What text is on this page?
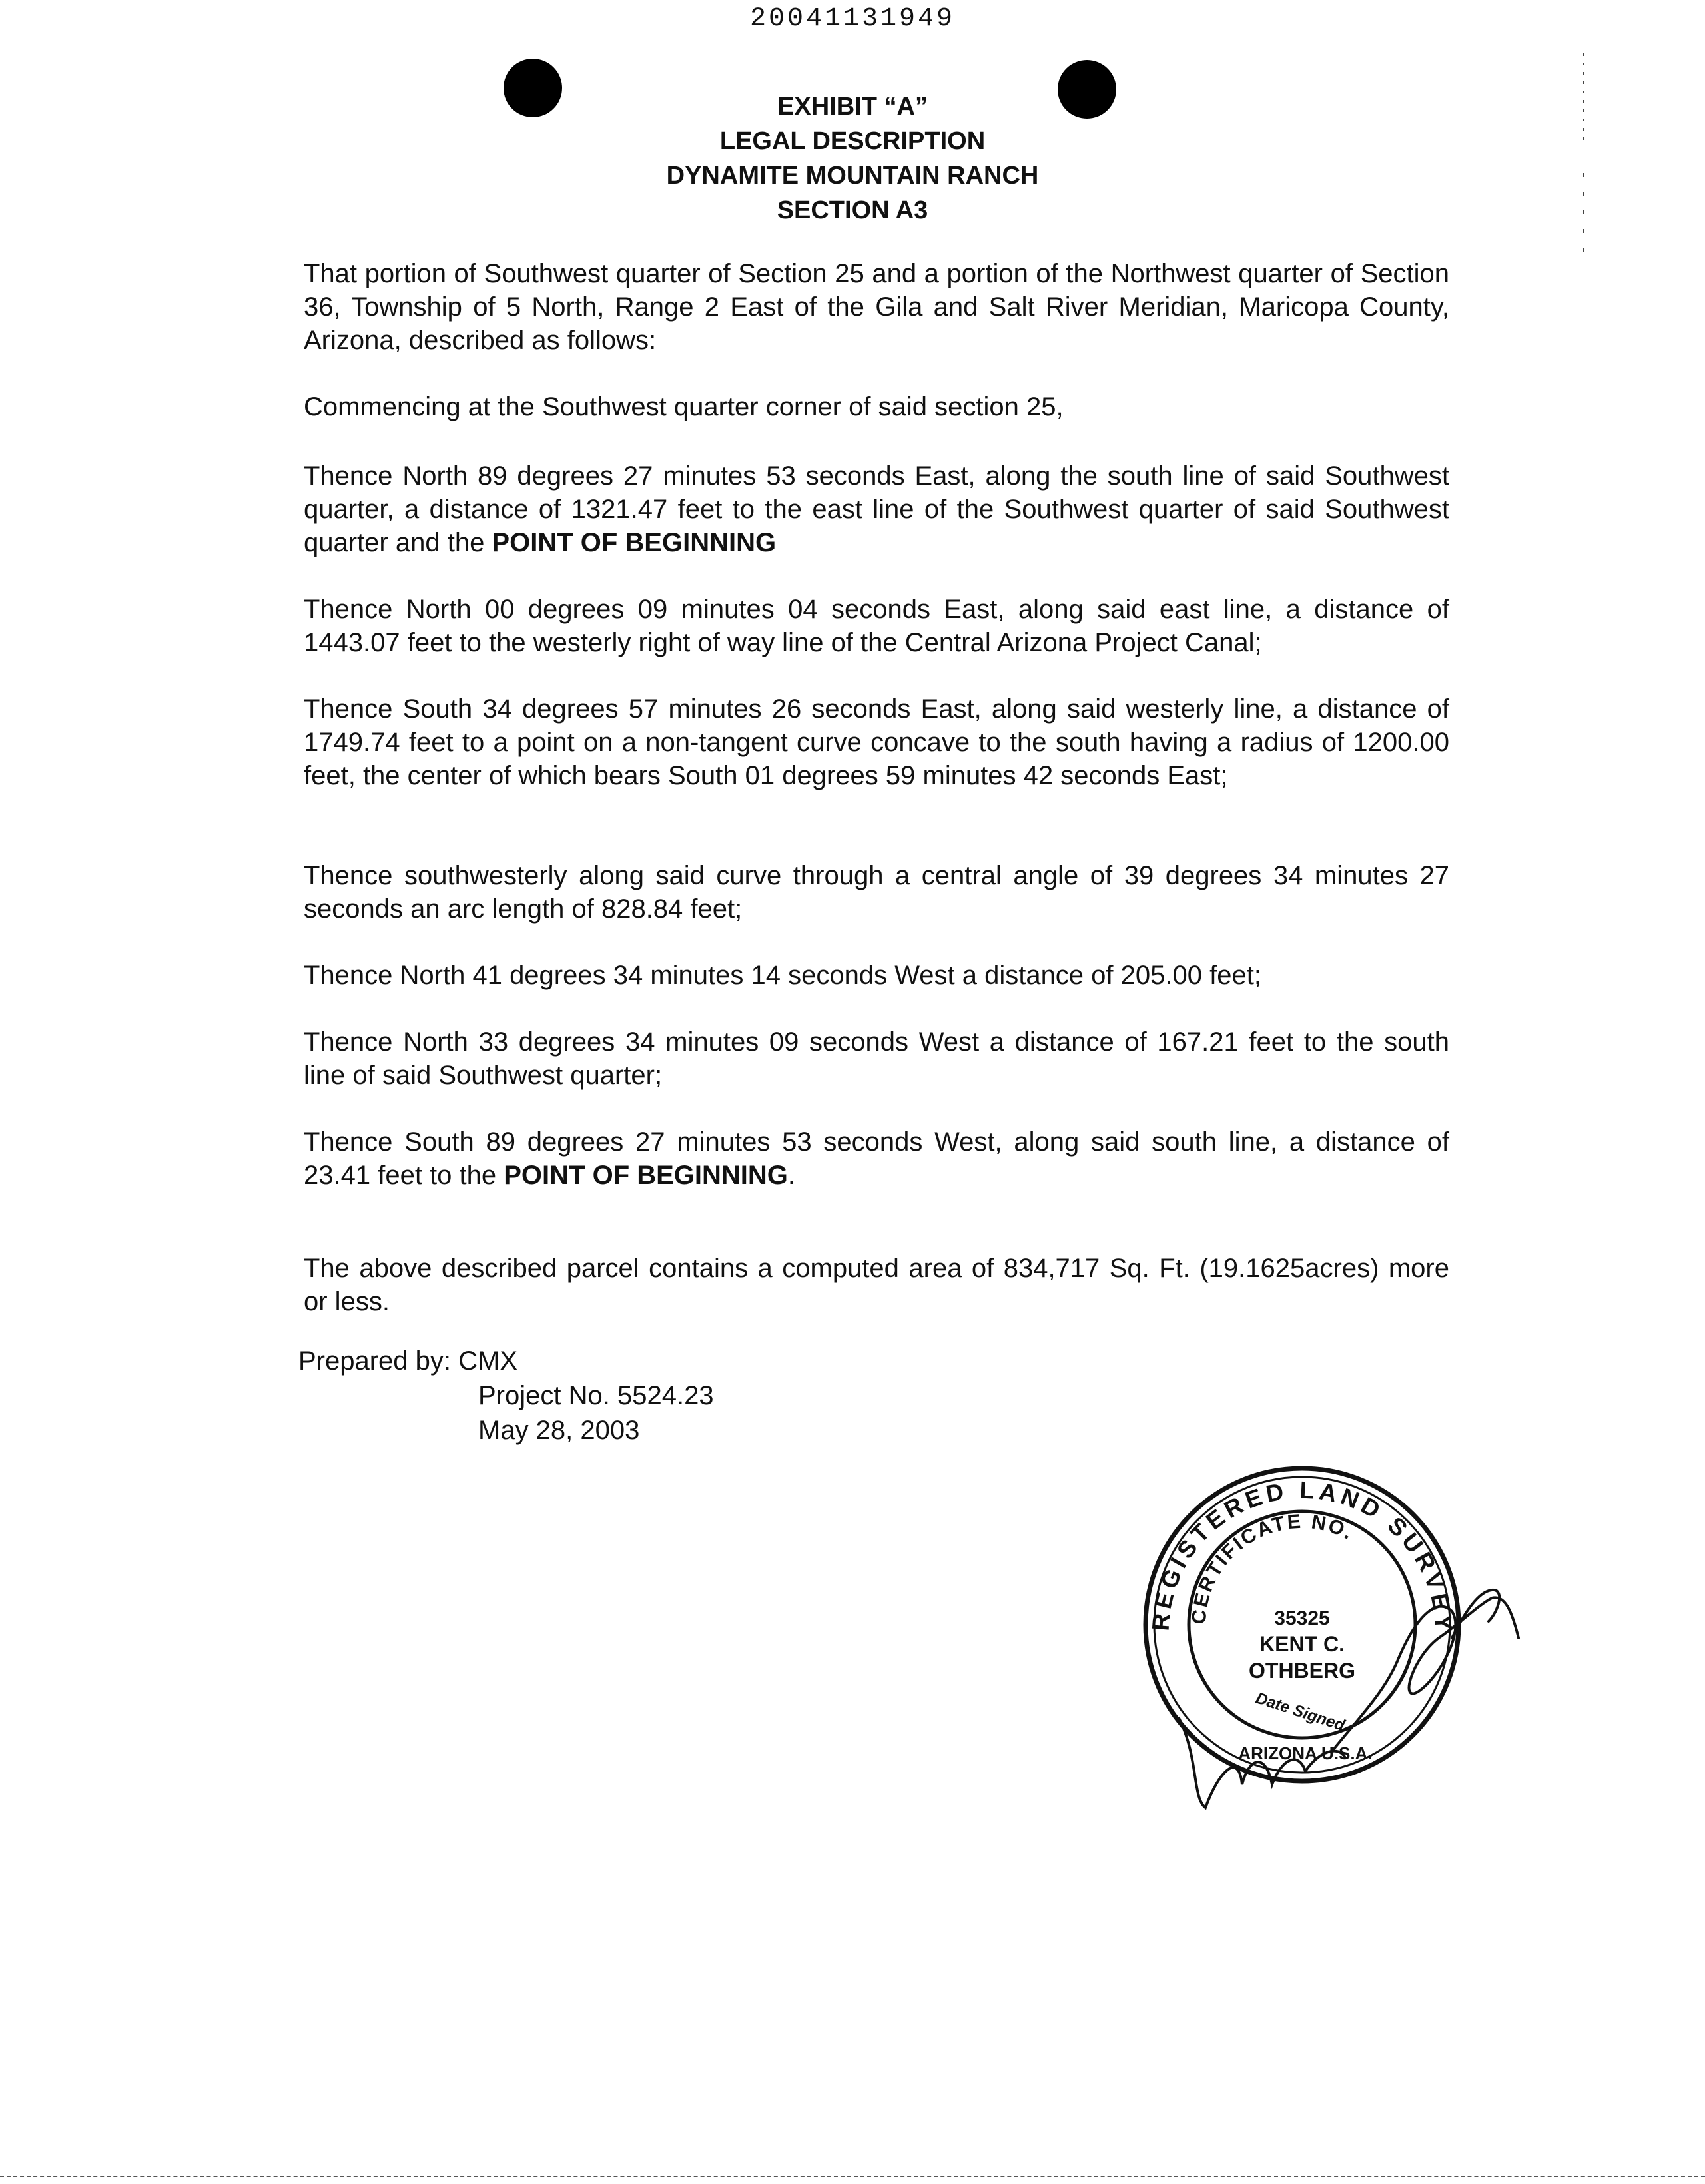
20041131949
EXHIBIT “A”
LEGAL DESCRIPTION
DYNAMITE MOUNTAIN RANCH
SECTION A3

That portion of Southwest quarter of Section 25 and a portion of the Northwest quarter of Section 36, Township of 5 North, Range 2 East of the Gila and Salt River Meridian, Maricopa County, Arizona, described as follows:

Commencing at the Southwest quarter corner of said section 25,

Thence North 89 degrees 27 minutes 53 seconds East, along the south line of said Southwest quarter, a distance of 1321.47 feet to the east line of the Southwest quarter of said Southwest quarter and the POINT OF BEGINNING

Thence North 00 degrees 09 minutes 04 seconds East, along said east line, a distance of 1443.07 feet to the westerly right of way line of the Central Arizona Project Canal;

Thence South 34 degrees 57 minutes 26 seconds East, along said westerly line, a distance of 1749.74 feet to a point on a non-tangent curve concave to the south having a radius of 1200.00 feet, the center of which bears South 01 degrees 59 minutes 42 seconds East;

Thence southwesterly along said curve through a central angle of 39 degrees 34 minutes 27 seconds an arc length of 828.84 feet;

Thence North 41 degrees 34 minutes 14 seconds West a distance of 205.00 feet;

Thence North 33 degrees 34 minutes 09 seconds West a distance of 167.21 feet to the south line of said Southwest quarter;

Thence South 89 degrees 27 minutes 53 seconds West, along said south line, a distance of 23.41 feet to the POINT OF BEGINNING.

The above described parcel contains a computed area of 834,717 Sq. Ft. (19.1625acres) more or less.

Prepared by: CMX
Project No. 5524.23
May 28, 2003
REGISTERED LAND SURVEY
CERTIFICATE NO.
35325
KENT C.
OTHBERG
Date Signed
ARIZONA U.S.A.
